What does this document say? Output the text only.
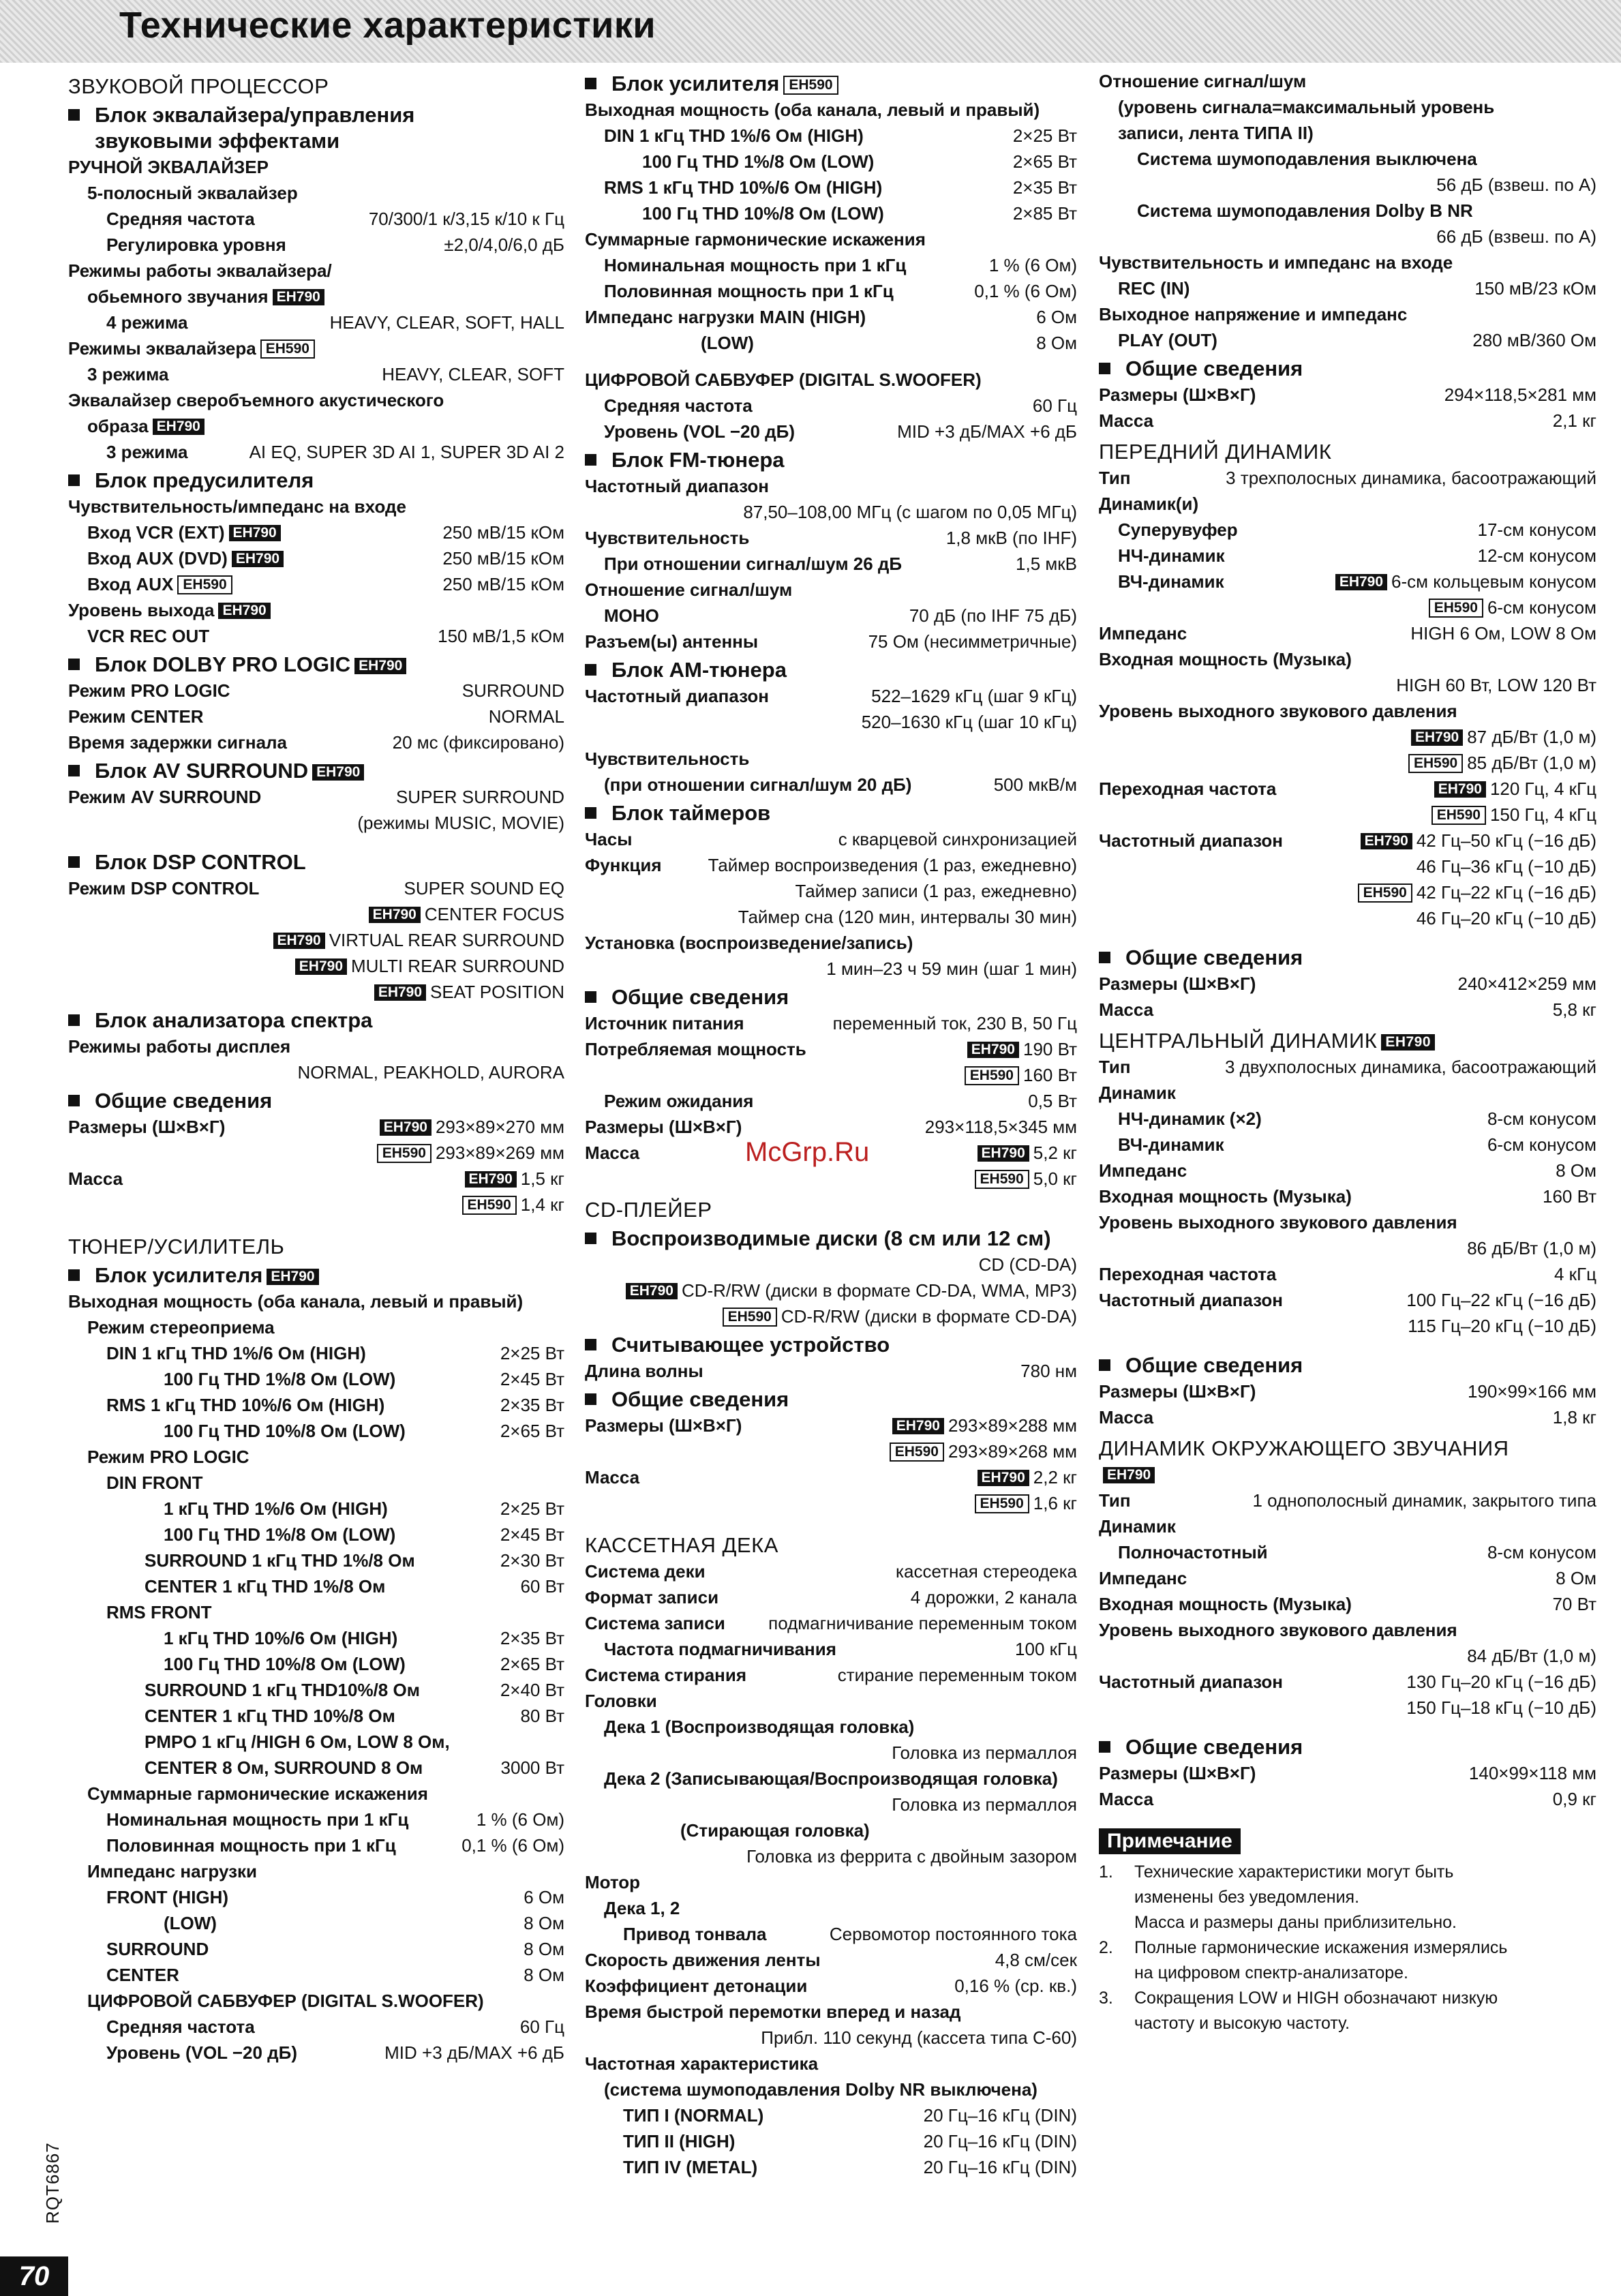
Технические характеристики
ЗВУКОВОЙ ПРОЦЕССОР
Блок эквалайзера/управления
звуковыми эффектами
РУЧНОЙ ЭКВАЛАЙЗЕР
5-полосный эквалайзер
Средняя частота	70/300/1 к/3,15 к/10 к Гц
Регулировка уровня	±2,0/4,0/6,0 дБ
Режимы работы эквалайзера/
обьемного звучания EH790
4 режима	HEAVY, CLEAR, SOFT, HALL
Режимы эквалайзера EH590
3 режима	HEAVY, CLEAR, SOFT
Эквалайзер сверобъемного акустического
образа EH790
3 режима	AI EQ, SUPER 3D AI 1, SUPER 3D AI 2
Блок предусилителя
Чувствительность/импеданс на входе
Вход VCR (EXT) EH790	250 мВ/15 кОм
Вход AUX (DVD) EH790	250 мВ/15 кОм
Вход AUX EH590	250 мВ/15 кОм
Уровень выхода EH790
VCR REC OUT	150 мВ/1,5 кОм
Блок DOLBY PRO LOGIC EH790
Режим PRO LOGIC	SURROUND
Режим CENTER	NORMAL
Время задержки сигнала	20 мс (фиксировано)
Блок AV SURROUND EH790
Режим AV SURROUND	SUPER SURROUND
(режимы MUSIC, MOVIE)
Блок DSP CONTROL
Режим DSP CONTROL	SUPER SOUND EQ
EH790 CENTER FOCUS
EH790 VIRTUAL REAR SURROUND
EH790 MULTI REAR SURROUND
EH790 SEAT POSITION
Блок анализатора спектра
Режимы работы дисплея
NORMAL, PEAKHOLD, AURORA
Общие сведения
Размеры (Ш×В×Г)	EH790 293×89×270 мм
EH590 293×89×269 мм
Масса	EH790 1,5 кг
EH590 1,4 кг
ТЮНЕР/УСИЛИТЕЛЬ
Блок усилителя EH790
Выходная мощность (оба канала, левый и правый)
Режим стереоприема
DIN 1 кГц THD 1%/6 Ом (HIGH)	2×25 Вт
100 Гц THD 1%/8 Ом (LOW)	2×45 Вт
RMS 1 кГц THD 10%/6 Ом (HIGH)	2×35 Вт
100 Гц THD 10%/8 Ом (LOW)	2×65 Вт
Режим PRO LOGIC
DIN FRONT
1 кГц THD 1%/6 Ом (HIGH)	2×25 Вт
100 Гц THD 1%/8 Ом (LOW)	2×45 Вт
SURROUND 1 кГц THD 1%/8 Ом	2×30 Вт
CENTER 1 кГц THD 1%/8 Ом	60 Вт
RMS FRONT
1 кГц THD 10%/6 Ом (HIGH)	2×35 Вт
100 Гц THD 10%/8 Ом (LOW)	2×65 Вт
SURROUND 1 кГц THD10%/8 Ом	2×40 Вт
CENTER 1 кГц THD 10%/8 Ом	80 Вт
PMPO 1 кГц /HIGH 6 Ом, LOW 8 Ом,
CENTER 8 Ом, SURROUND 8 Ом	3000 Вт
Суммарные гармонические искажения
Номинальная мощность при 1 кГц	1 % (6 Ом)
Половинная мощность при 1 кГц	0,1 % (6 Ом)
Импеданс нагрузки
FRONT (HIGH)	6 Ом
(LOW)	8 Ом
SURROUND	8 Ом
CENTER	8 Ом
ЦИФРОВОЙ САБВУФЕР (DIGITAL S.WOOFER)
Средняя частота	60 Гц
Уровень (VOL −20 дБ)	MID +3 дБ/MAX +6 дБ
Блок усилителя EH590
Выходная мощность (оба канала, левый и правый)
DIN 1 кГц THD 1%/6 Ом (HIGH)	2×25 Вт
100 Гц THD 1%/8 Ом (LOW)	2×65 Вт
RMS 1 кГц THD 10%/6 Ом (HIGH)	2×35 Вт
100 Гц THD 10%/8 Ом (LOW)	2×85 Вт
Суммарные гармонические искажения
Номинальная мощность при 1 кГц	1 % (6 Ом)
Половинная мощность при 1 кГц	0,1 % (6 Ом)
Импеданс нагрузки MAIN (HIGH)	6 Ом
(LOW)	8 Ом
ЦИФРОВОЙ САБВУФЕР (DIGITAL S.WOOFER)
Средняя частота	60 Гц
Уровень (VOL −20 дБ)	MID +3 дБ/MAX +6 дБ
Блок FM-тюнера
Частотный диапазон
87,50–108,00 МГц (с шагом по 0,05 МГц)
Чувствительность	1,8 мкВ (по IHF)
При отношении сигнал/шум 26 дБ	1,5 мкВ
Отношение сигнал/шум
МОНО	70 дБ (по IHF 75 дБ)
Разъем(ы) антенны	75 Ом (несимметричные)
Блок АМ-тюнера
Частотный диапазон	522–1629 кГц (шаг 9 кГц)
520–1630 кГц (шаг 10 кГц)
Чувствительность
(при отношении сигнал/шум 20 дБ)	500 мкВ/м
Блок таймеров
Часы	с кварцевой синхронизацией
Функция	Таймер воспроизведения (1 раз, ежедневно)
Таймер записи (1 раз, ежедневно)
Таймер сна (120 мин, интервалы 30 мин)
Установка (воспроизведение/запись)
1 мин–23 ч 59 мин (шаг 1 мин)
Общие сведения
Источник питания	переменный ток, 230 В, 50 Гц
Потребляемая мощность	EH790 190 Вт
EH590 160 Вт
Режим ожидания	0,5 Вт
Размеры (Ш×В×Г)	293×118,5×345 мм
Масса	EH790 5,2 кг
EH590 5,0 кг
CD-ПЛЕЙЕР
Воспроизводимые диски (8 см или 12 см)
CD (CD-DA)
EH790 CD-R/RW (диски в формате CD-DA, WMA, MP3)
EH590 CD-R/RW (диски в формате CD-DA)
Считывающее устройство
Длина волны	780 нм
Общие сведения
Размеры (Ш×В×Г)	EH790 293×89×288 мм
EH590 293×89×268 мм
Масса	EH790 2,2 кг
EH590 1,6 кг
КАССЕТНАЯ ДЕКА
Система деки	кассетная стереодека
Формат записи	4 дорожки, 2 канала
Система записи	подмагничивание переменным током
Частота подмагничивания	100 кГц
Система стирания	стирание переменным током
Головки
Дека 1 (Воспроизводящая головка)
Головка из пермаллоя
Дека 2 (Записывающая/Воспроизводящая головка)
Головка из пермаллоя
(Стирающая головка)
Головка из феррита с двойным зазором
Мотор
Дека 1, 2
Привод тонвала	Сервомотор постоянного тока
Скорость движения ленты	4,8 см/сек
Коэффициент детонации	0,16 % (ср. кв.)
Время быстрой перемотки вперед и назад
Прибл. 110 секунд (кассета типа С-60)
Частотная характеристика
(система шумоподавления Dolby NR выключена)
ТИП I (NORMAL)	20 Гц–16 кГц (DIN)
ТИП II (HIGH)	20 Гц–16 кГц (DIN)
ТИП IV (METAL)	20 Гц–16 кГц (DIN)
Отношение сигнал/шум
(уровень сигнала=максимальный уровень
записи, лента ТИПА II)
Система шумоподавления выключена
56 дБ (взвеш. по А)
Система шумоподавления Dolby B NR
66 дБ (взвеш. по А)
Чувствительность и импеданс на входе
REC (IN)	150 мВ/23 кОм
Выходное напряжение и импеданс
PLAY (OUT)	280 мВ/360 Ом
Общие сведения
Размеры (Ш×В×Г)	294×118,5×281 мм
Масса	2,1 кг
ПЕРЕДНИЙ ДИНАМИК
Тип	3 трехполосных динамика, басоотражающий
Динамик(и)
Суперувуфер	17-см конусом
НЧ-динамик	12-см конусом
ВЧ-динамик	EH790 6-см кольцевым конусом
EH590 6-см конусом
Импеданс	HIGH 6 Ом, LOW 8 Ом
Входная мощность (Музыка)
HIGH 60 Вт, LOW 120 Вт
Уровень выходного звукового давления
EH790 87 дБ/Вт (1,0 м)
EH590 85 дБ/Вт (1,0 м)
Переходная частота	EH790 120 Гц, 4 кГц
EH590 150 Гц, 4 кГц
Частотный диапазон	EH790 42 Гц–50 кГц (−16 дБ)
46 Гц–36 кГц (−10 дБ)
EH590 42 Гц–22 кГц (−16 дБ)
46 Гц–20 кГц (−10 дБ)
Общие сведения
Размеры (Ш×В×Г)	240×412×259 мм
Масса	5,8 кг
ЦЕНТРАЛЬНЫЙ ДИНАМИК EH790
Тип	3 двухполосных динамика, басоотражающий
Динамик
НЧ-динамик (×2)	8-см конусом
ВЧ-динамик	6-см конусом
Импеданс	8 Ом
Входная мощность (Музыка)	160 Вт
Уровень выходного звукового давления
86 дБ/Вт (1,0 м)
Переходная частота	4 кГц
Частотный диапазон	100 Гц–22 кГц (−16 дБ)
115 Гц–20 кГц (−10 дБ)
Общие сведения
Размеры (Ш×В×Г)	190×99×166 мм
Масса	1,8 кг
ДИНАМИК ОКРУЖАЮЩЕГО ЗВУЧАНИЯ
EH790
Тип	1 однополосный динамик, закрытого типа
Динамик
Полночастотный	8-см конусом
Импеданс	8 Ом
Входная мощность (Музыка)	70 Вт
Уровень выходного звукового давления
84 дБ/Вт (1,0 м)
Частотный диапазон	130 Гц–20 кГц (−16 дБ)
150 Гц–18 кГц (−10 дБ)
Общие сведения
Размеры (Ш×В×Г)	140×99×118 мм
Масса	0,9 кг
Примечание
1.	Технические характеристики могут быть
изменены без уведомления.
Масса и размеры даны приблизительно.
2.	Полные гармонические искажения измерялись
на цифровом спектр-анализаторе.
3.	Сокращения LOW и HIGH обозначают низкую
частоту и высокую частоту.
McGrp.Ru
RQT6867
70
